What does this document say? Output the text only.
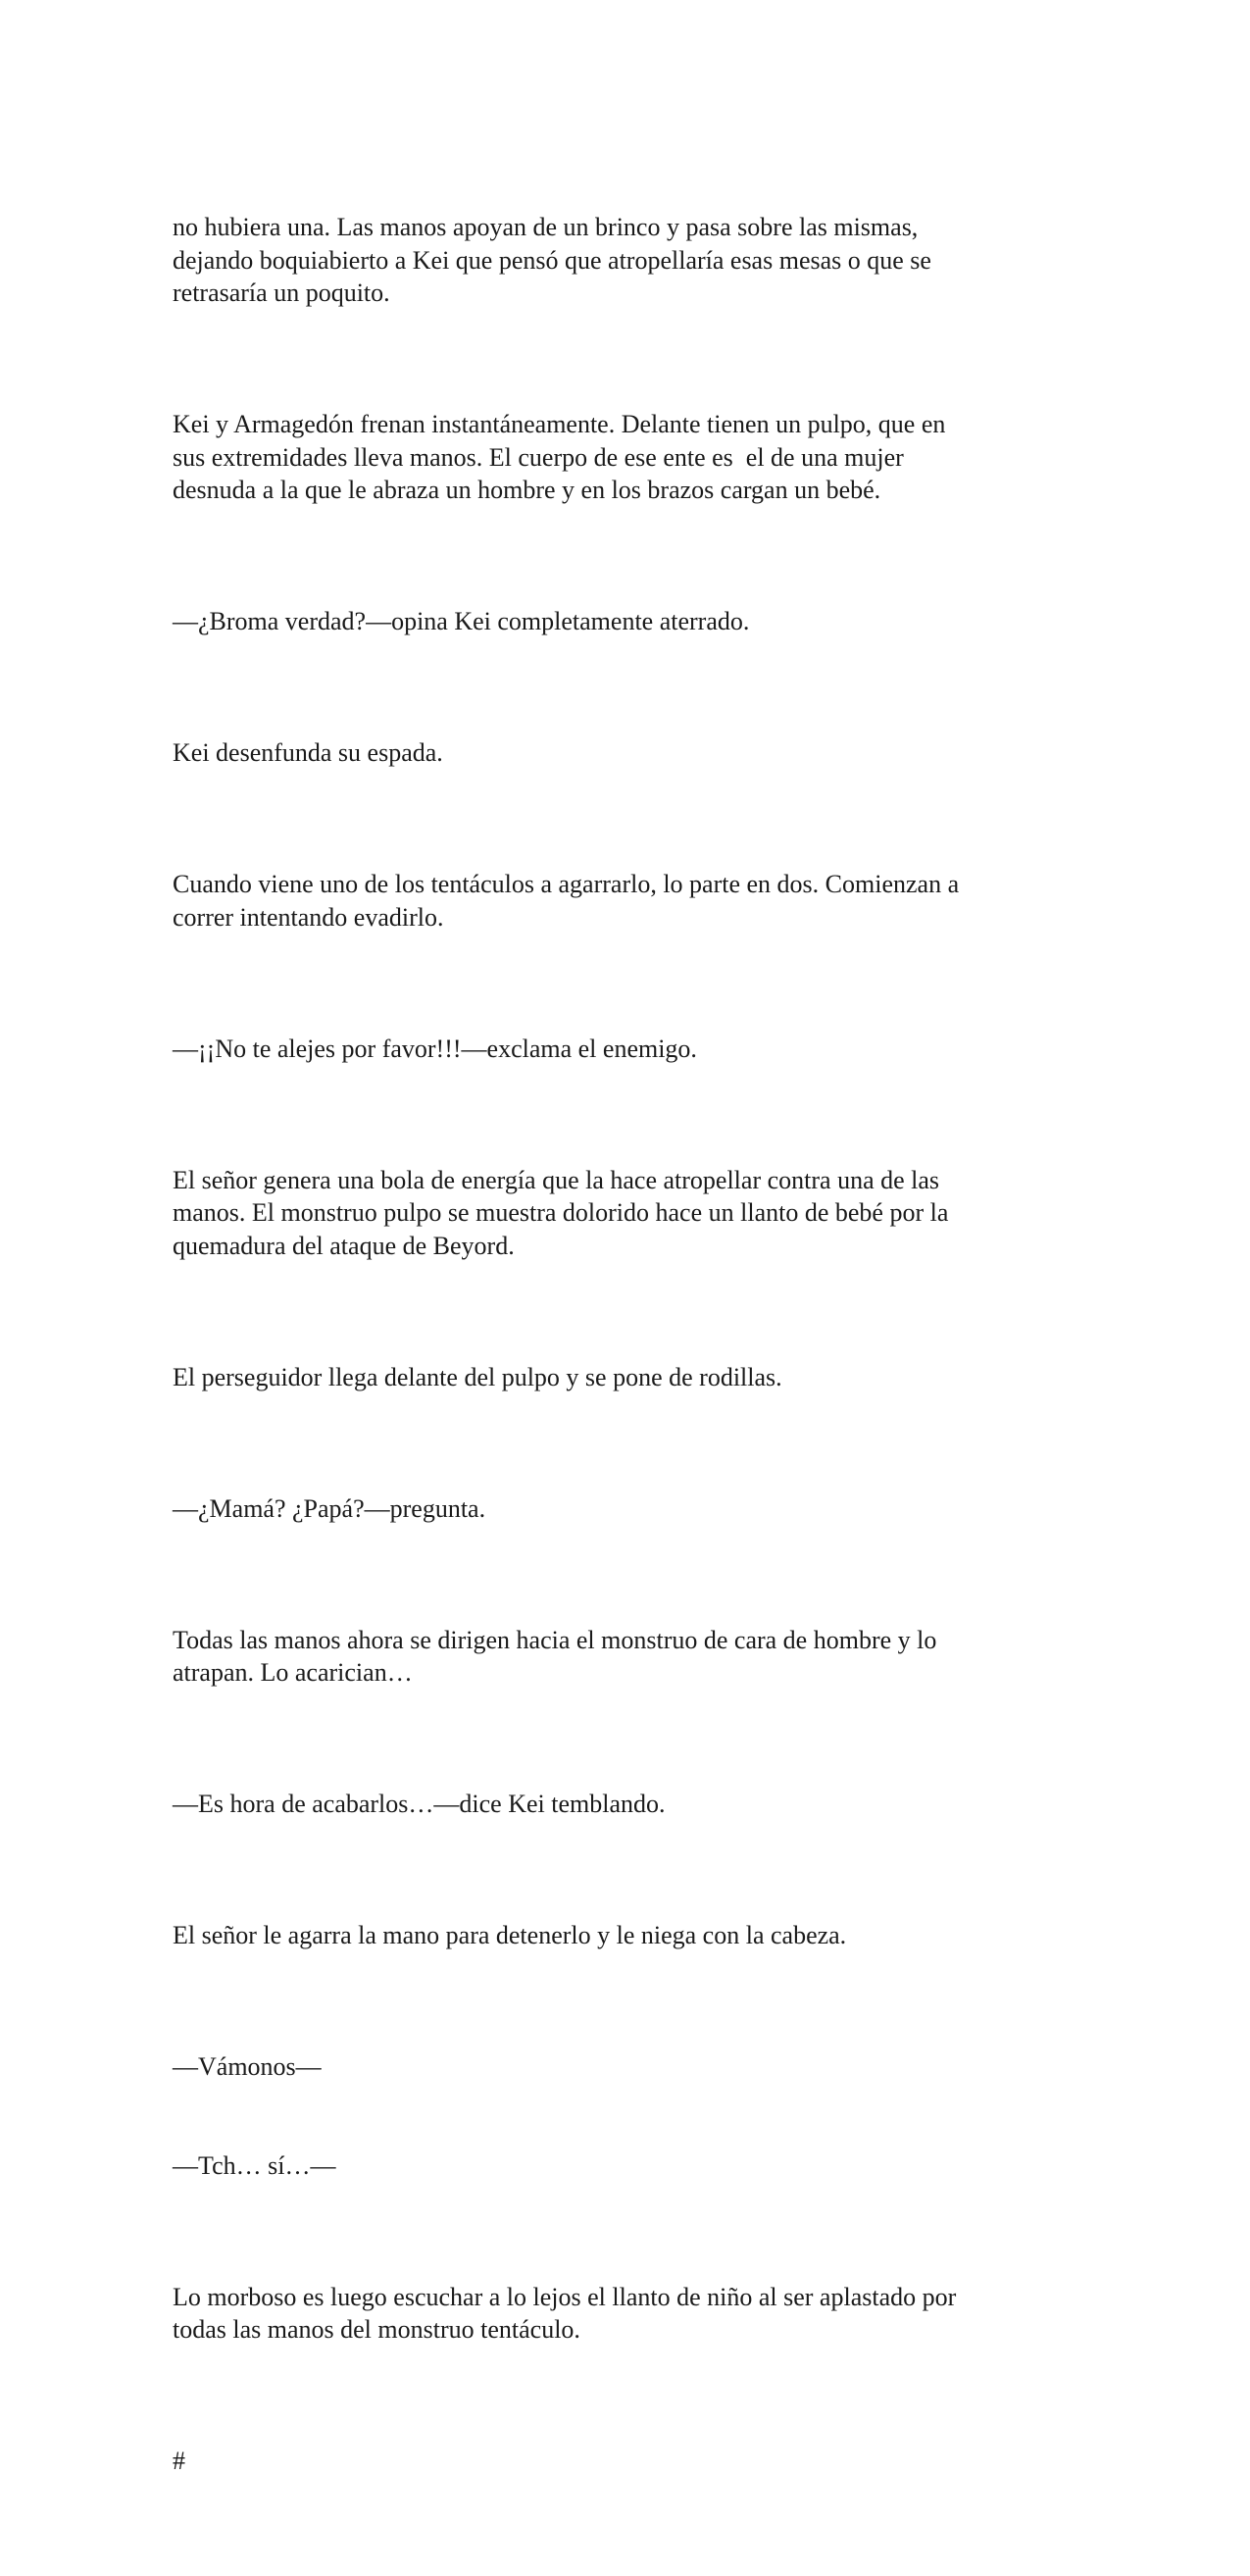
no hubiera una. Las manos apoyan de un brinco y pasa sobre las mismas,
dejando boquiabierto a Kei que pensó que atropellaría esas mesas o que se
retrasaría un poquito.

Kei y Armagedón frenan instantáneamente. Delante tienen un pulpo, que en
sus extremidades lleva manos. El cuerpo de ese ente es  el de una mujer
desnuda a la que le abraza un hombre y en los brazos cargan un bebé.

—¿Broma verdad?—opina Kei completamente aterrado.

Kei desenfunda su espada.

Cuando viene uno de los tentáculos a agarrarlo, lo parte en dos. Comienzan a
correr intentando evadirlo.

—¡¡No te alejes por favor!!!—exclama el enemigo.

El señor genera una bola de energía que la hace atropellar contra una de las
manos. El monstruo pulpo se muestra dolorido hace un llanto de bebé por la
quemadura del ataque de Beyord.

El perseguidor llega delante del pulpo y se pone de rodillas.

—¿Mamá? ¿Papá?—pregunta.

Todas las manos ahora se dirigen hacia el monstruo de cara de hombre y lo
atrapan. Lo acarician…

—Es hora de acabarlos…—dice Kei temblando.

El señor le agarra la mano para detenerlo y le niega con la cabeza.

—Vámonos—

—Tch… sí…—

Lo morboso es luego escuchar a lo lejos el llanto de niño al ser aplastado por
todas las manos del monstruo tentáculo.

#
